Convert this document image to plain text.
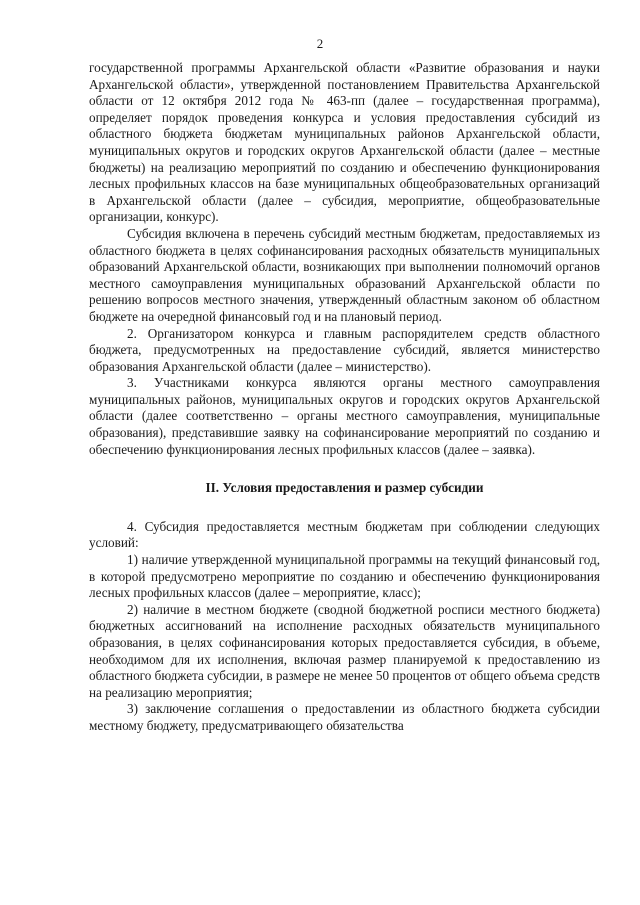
2

государственной программы Архангельской области «Развитие образования и науки Архангельской области», утвержденной постановлением Правительства Архангельской области от 12 октября 2012 года № 463-пп (далее – государственная программа), определяет порядок проведения конкурса и условия предоставления субсидий из областного бюджета бюджетам муниципальных районов Архангельской области, муниципальных округов и городских округов Архангельской области (далее – местные бюджеты) на реализацию мероприятий по созданию и обеспечению функционирования лесных профильных классов на базе муниципальных общеобразовательных организаций в Архангельской области (далее – субсидия, мероприятие, общеобразовательные организации, конкурс).

Субсидия включена в перечень субсидий местным бюджетам, предоставляемых из областного бюджета в целях софинансирования расходных обязательств муниципальных образований Архангельской области, возникающих при выполнении полномочий органов местного самоуправления муниципальных образований Архангельской области по решению вопросов местного значения, утвержденный областным законом об областном бюджете на очередной финансовый год и на плановый период.

2. Организатором конкурса и главным распорядителем средств областного бюджета, предусмотренных на предоставление субсидий, является министерство образования Архангельской области (далее – министерство).

3. Участниками конкурса являются органы местного самоуправления муниципальных районов, муниципальных округов и городских округов Архангельской области (далее соответственно – органы местного самоуправления, муниципальные образования), представившие заявку на софинансирование мероприятий по созданию и обеспечению функционирования лесных профильных классов (далее – заявка).

II. Условия предоставления и размер субсидии

4. Субсидия предоставляется местным бюджетам при соблюдении следующих условий:

1) наличие утвержденной муниципальной программы на текущий финансовый год, в которой предусмотрено мероприятие по созданию и обеспечению функционирования лесных профильных классов (далее – мероприятие, класс);

2) наличие в местном бюджете (сводной бюджетной росписи местного бюджета) бюджетных ассигнований на исполнение расходных обязательств муниципального образования, в целях софинансирования которых предоставляется субсидия, в объеме, необходимом для их исполнения, включая размер планируемой к предоставлению из областного бюджета субсидии, в размере не менее 50 процентов от общего объема средств на реализацию мероприятия;

3) заключение соглашения о предоставлении из областного бюджета субсидии местному бюджету, предусматривающего обязательства
